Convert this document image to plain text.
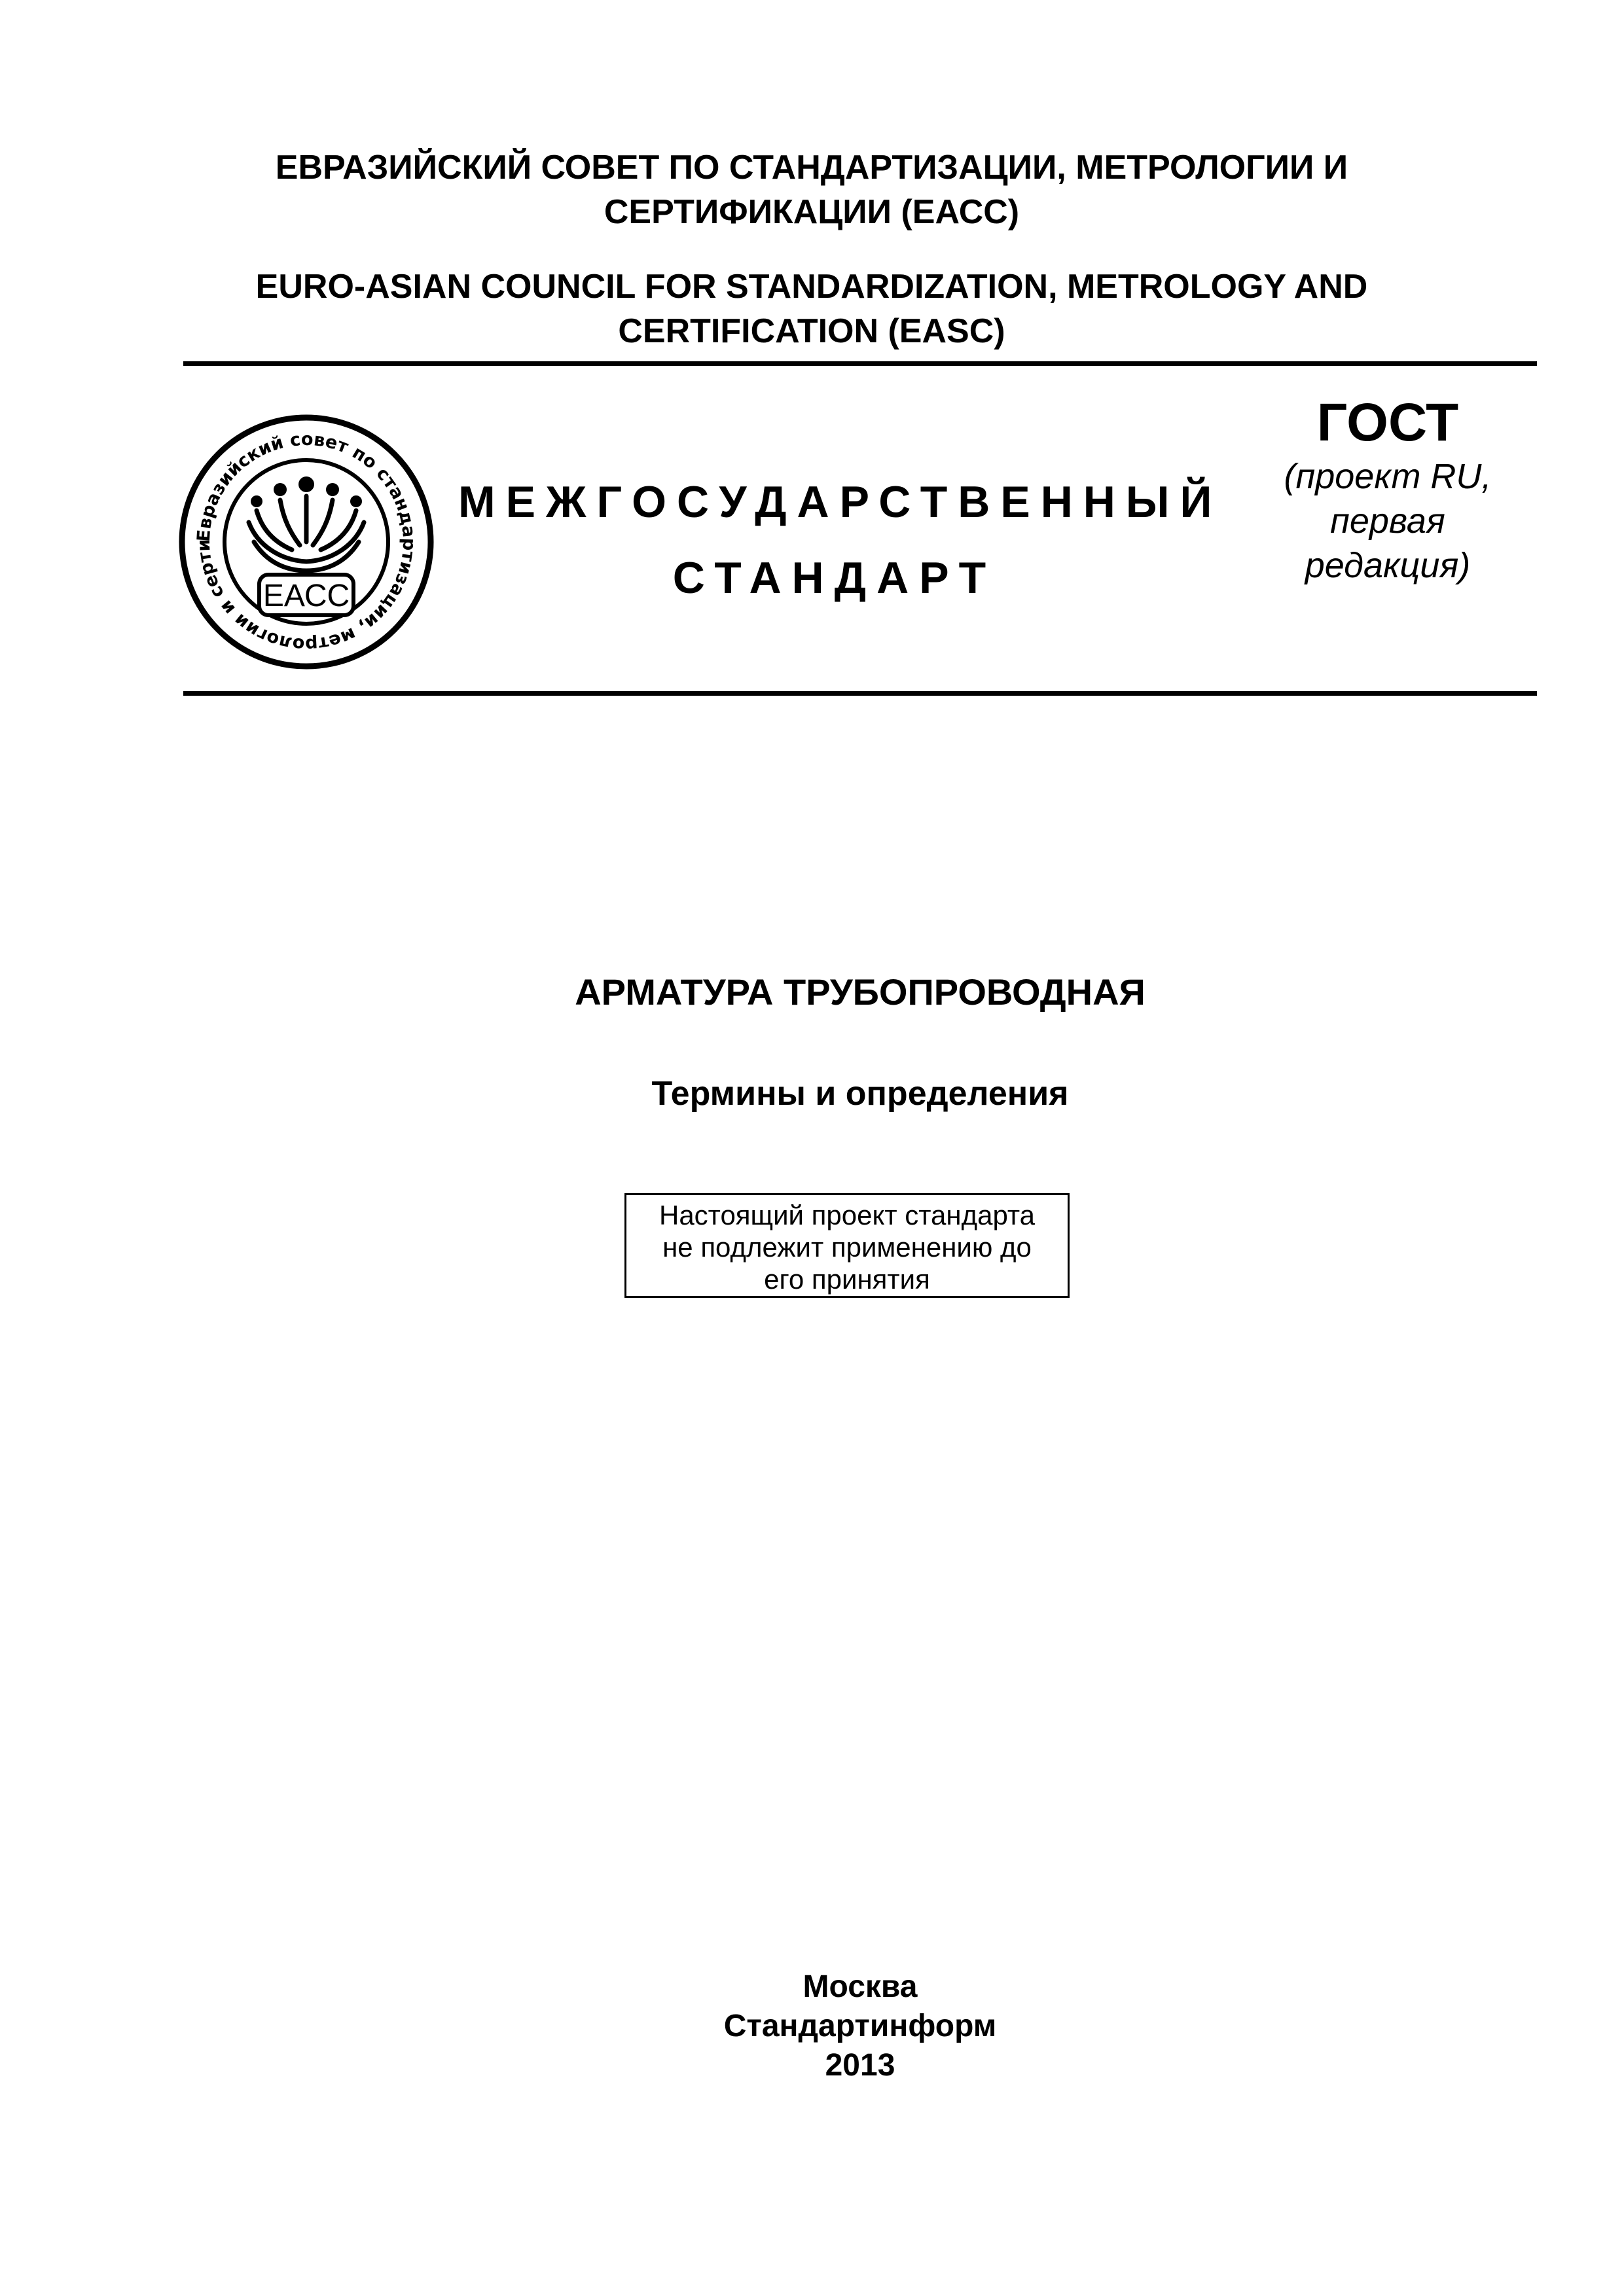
ЕВРАЗИЙСКИЙ СОВЕТ ПО СТАНДАРТИЗАЦИИ, МЕТРОЛОГИИ И
СЕРТИФИКАЦИИ (ЕАСС)
EURO-ASIAN COUNCIL FOR STANDARDIZATION, METROLOGY AND
CERTIFICATION (EASC)
Евразийский совет по стандартизации, метрологии и серти
ЕАСС
МЕЖГОСУДАРСТВЕННЫЙ
СТАНДАРТ
ГОСТ
(проект RU,
первая
редакция)
АРМАТУРА ТРУБОПРОВОДНАЯ
Термины и определения
Настоящий проект стандарта
не подлежит применению до
его принятия
Москва
Стандартинформ
2013
